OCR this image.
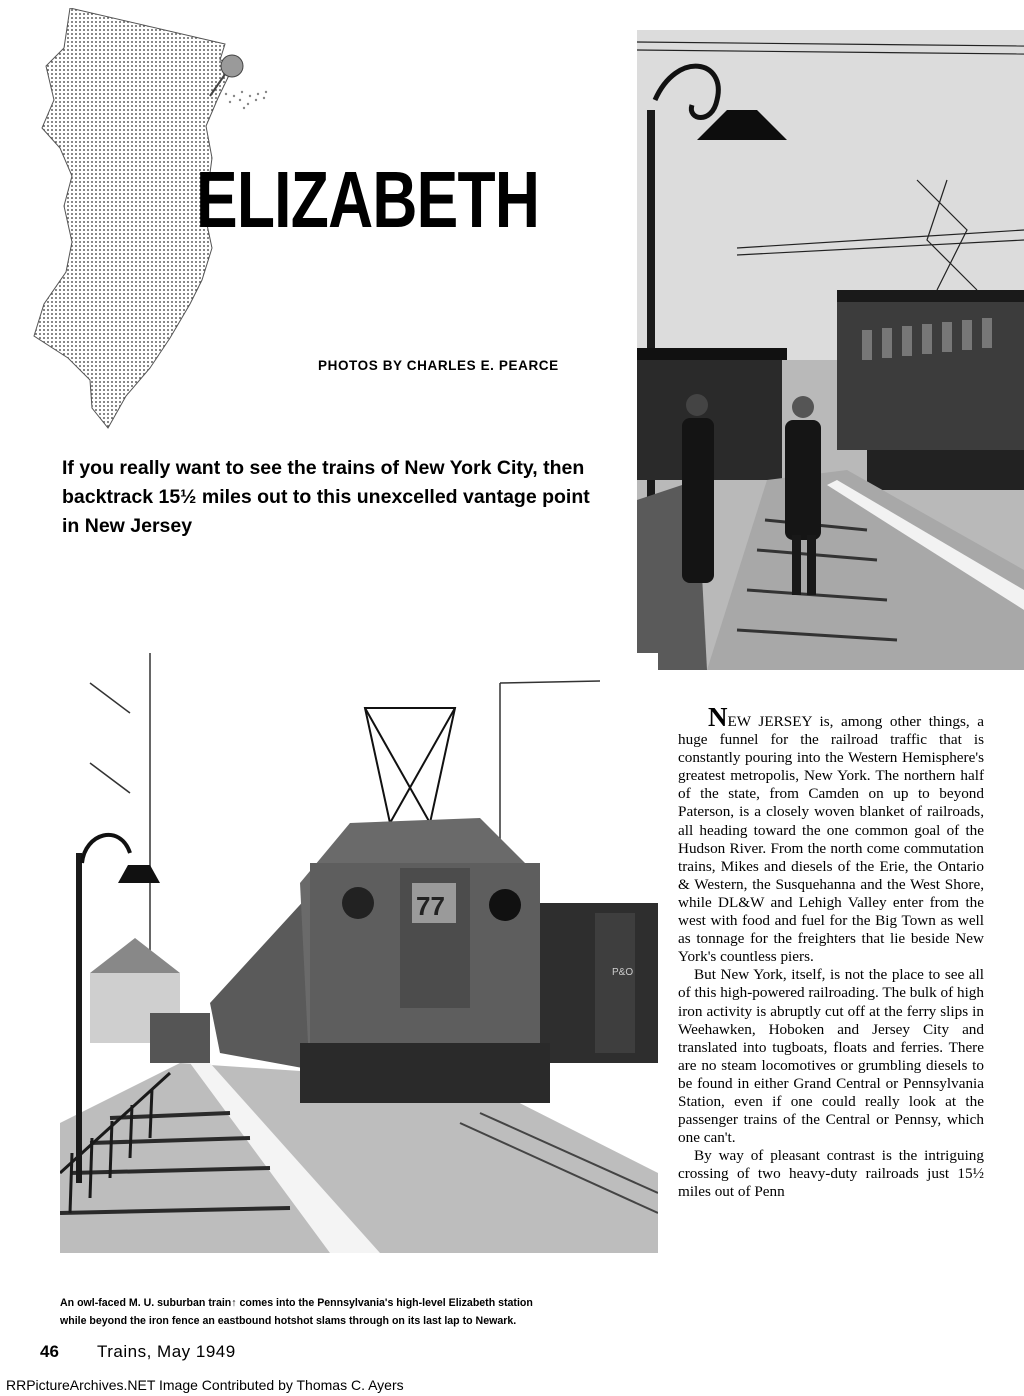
ELIZABETH
PHOTOS BY CHARLES E. PEARCE
If you really want to see the trains of New York City, then backtrack 15½ miles out to this unexcelled vantage point in New Jersey
P&O
77

NEW JERSEY is, among other things, a huge funnel for the railroad traffic that is constantly pouring into the Western Hemisphere's greatest metropolis, New York. The northern half of the state, from Camden on up to beyond Paterson, is a closely woven blanket of railroads, all heading toward the one common goal of the Hudson River. From the north come commutation trains, Mikes and diesels of the Erie, the Ontario & Western, the Susquehanna and the West Shore, while DL&W and Lehigh Valley enter from the west with food and fuel for the Big Town as well as tonnage for the freighters that lie beside New York's countless piers.

But New York, itself, is not the place to see all of this high-powered railroading. The bulk of high iron activity is abruptly cut off at the ferry slips in Weehawken, Hoboken and Jersey City and translated into tugboats, floats and ferries. There are no steam locomotives or grumbling diesels to be found in either Grand Central or Pennsylvania Station, even if one could really look at the passenger trains of the Central or Pennsy, which one can't.

By way of pleasant contrast is the intriguing crossing of two heavy-duty railroads just 15½ miles out of Penn

An owl-faced M. U. suburban train↑ comes into the Pennsylvania's high-level Elizabeth station
while beyond the iron fence an eastbound hotshot slams through on its last lap to Newark.
46 Trains, May 1949
RRPictureArchives.NET Image Contributed by Thomas C. Ayers
